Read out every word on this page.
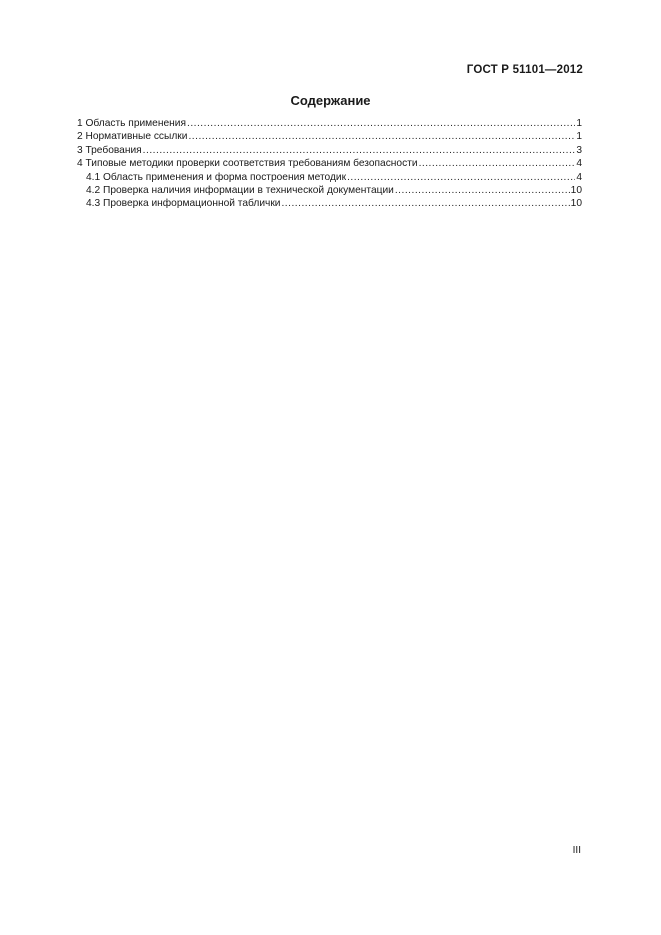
ГОСТ Р 51101—2012
Содержание
1 Область применения .....	1
2 Нормативные ссылки .....	1
3 Требования .....	3
4 Типовые методики проверки соответствия требованиям безопасности .....	4
4.1 Область применения и форма построения методик .....	4
4.2 Проверка наличия информации в технической документации .....	10
4.3 Проверка информационной таблички .....	10
III
